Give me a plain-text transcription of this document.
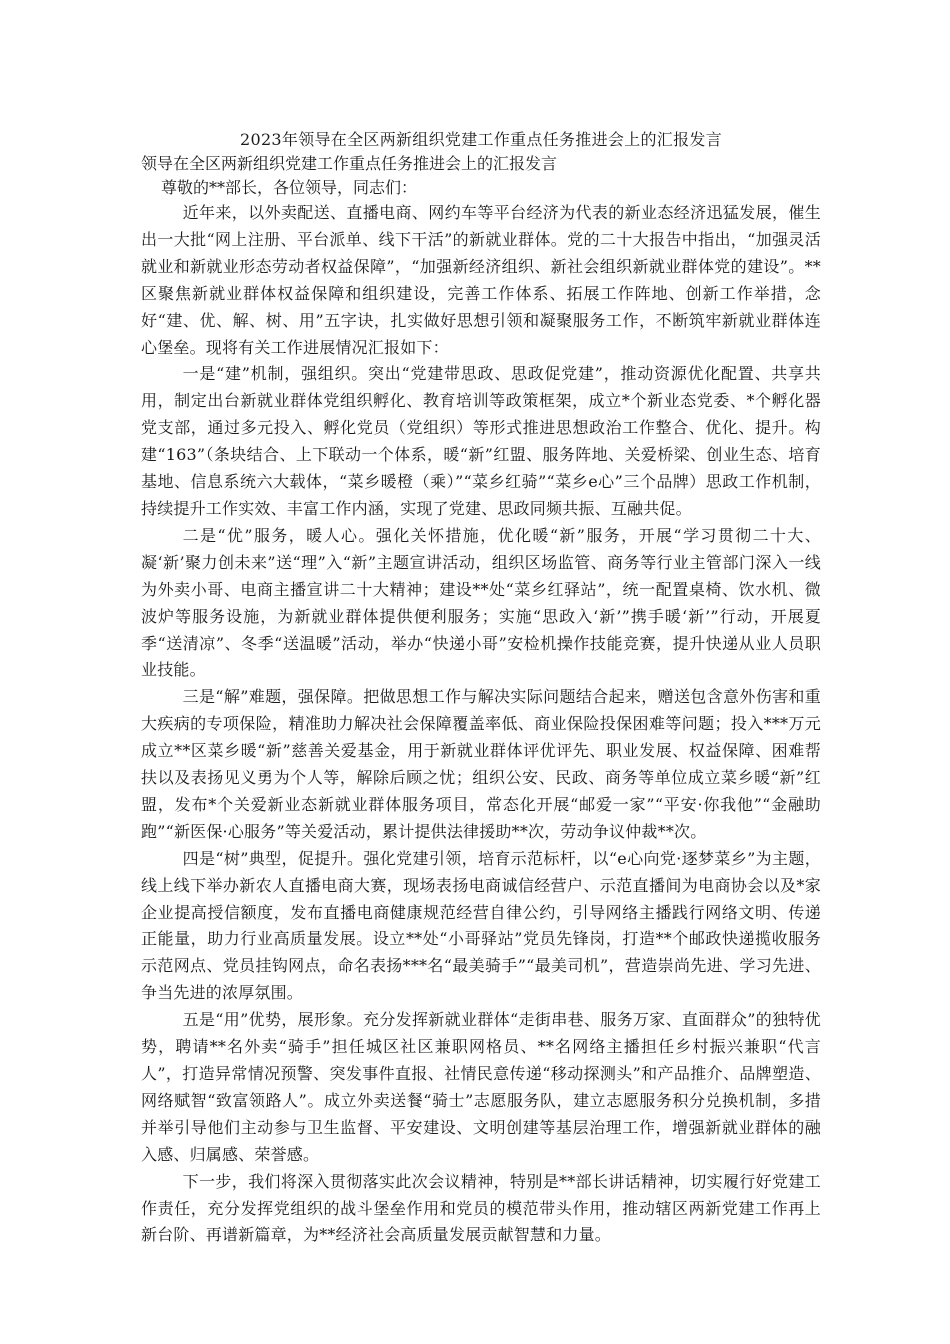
2023年领导在全区两新组织党建工作重点任务推进会上的汇报发言

领导在全区两新组织党建工作重点任务推进会上的汇报发言

尊敬的**部长，各位领导，同志们：

近年来，以外卖配送、直播电商、网约车等平台经济为代表的新业态经济迅猛发展，催生出一大批“网上注册、平台派单、线下干活”的新就业群体。党的二十大报告中指出，“加强灵活就业和新就业形态劳动者权益保障”，“加强新经济组织、新社会组织新就业群体党的建设”。**区聚焦新就业群体权益保障和组织建设，完善工作体系、拓展工作阵地、创新工作举措，念好“建、优、解、树、用”五字诀，扎实做好思想引领和凝聚服务工作，不断筑牢新就业群体连心堡垒。现将有关工作进展情况汇报如下：

一是“建”机制，强组织。突出“党建带思政、思政促党建”，推动资源优化配置、共享共用，制定出台新就业群体党组织孵化、教育培训等政策框架，成立*个新业态党委、*个孵化器党支部，通过多元投入、孵化党员（党组织）等形式推进思想政治工作整合、优化、提升。构建“163”（条块结合、上下联动一个体系，暖“新”红盟、服务阵地、关爱桥梁、创业生态、培育基地、信息系统六大载体，“菜乡暖橙（乘）”“菜乡红骑”“菜乡e心”三个品牌）思政工作机制，持续提升工作实效、丰富工作内涵，实现了党建、思政同频共振、互融共促。

二是“优”服务，暖人心。强化关怀措施，优化暖“新”服务，开展“学习贯彻二十大、凝‘新’聚力创未来”送“理”入“新”主题宣讲活动，组织区场监管、商务等行业主管部门深入一线为外卖小哥、电商主播宣讲二十大精神；建设**处“菜乡红驿站”，统一配置桌椅、饮水机、微波炉等服务设施，为新就业群体提供便利服务；实施“思政入‘新’”携手暖‘新’”行动，开展夏季“送清凉”、冬季“送温暖”活动，举办“快递小哥”安检机操作技能竞赛，提升快递从业人员职业技能。

三是“解”难题，强保障。把做思想工作与解决实际问题结合起来，赠送包含意外伤害和重大疾病的专项保险，精准助力解决社会保障覆盖率低、商业保险投保困难等问题；投入***万元成立**区菜乡暖“新”慈善关爱基金，用于新就业群体评优评先、职业发展、权益保障、困难帮扶以及表扬见义勇为个人等，解除后顾之忧；组织公安、民政、商务等单位成立菜乡暖“新”红盟，发布*个关爱新业态新就业群体服务项目，常态化开展“邮爱一家”“平安·你我他”“金融助跑”“新医保·心服务”等关爱活动，累计提供法律援助**次，劳动争议仲裁**次。

四是“树”典型，促提升。强化党建引领，培育示范标杆，以“e心向党·逐梦菜乡”为主题，线上线下举办新农人直播电商大赛，现场表扬电商诚信经营户、示范直播间为电商协会以及*家企业提高授信额度，发布直播电商健康规范经营自律公约，引导网络主播践行网络文明、传递正能量，助力行业高质量发展。设立**处“小哥驿站”党员先锋岗，打造**个邮政快递揽收服务示范网点、党员挂钩网点，命名表扬***名“最美骑手”“最美司机”，营造崇尚先进、学习先进、争当先进的浓厚氛围。

五是“用”优势，展形象。充分发挥新就业群体“走街串巷、服务万家、直面群众”的独特优势，聘请**名外卖“骑手”担任城区社区兼职网格员、**名网络主播担任乡村振兴兼职“代言人”，打造异常情况预警、突发事件直报、社情民意传递“移动探测头”和产品推介、品牌塑造、网络赋智“致富领路人”。成立外卖送餐“骑士”志愿服务队，建立志愿服务积分兑换机制，多措并举引导他们主动参与卫生监督、平安建设、文明创建等基层治理工作，增强新就业群体的融入感、归属感、荣誉感。

下一步，我们将深入贯彻落实此次会议精神，特别是**部长讲话精神，切实履行好党建工作责任，充分发挥党组织的战斗堡垒作用和党员的模范带头作用，推动辖区两新党建工作再上新台阶、再谱新篇章，为**经济社会高质量发展贡献智慧和力量。
